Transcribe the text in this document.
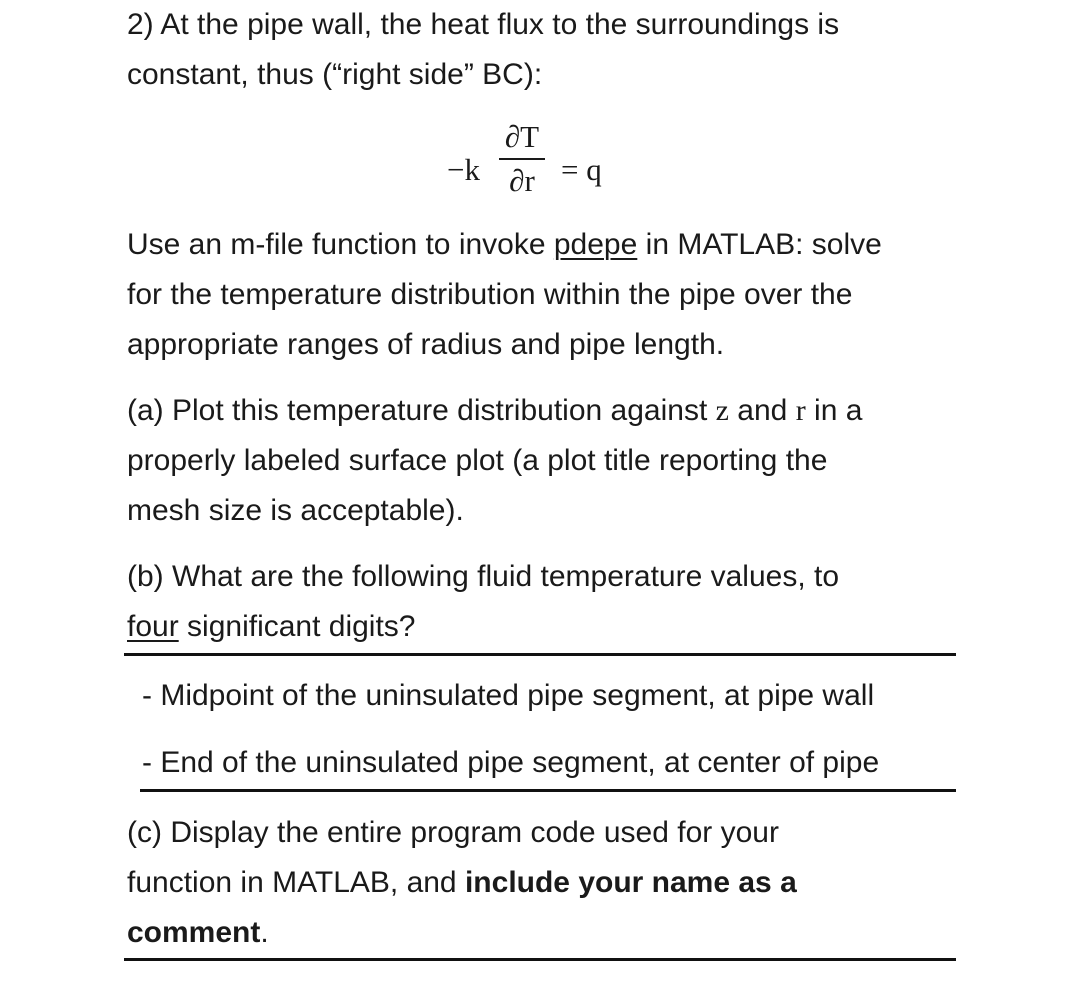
2) At the pipe wall, the heat flux to the surroundings is
constant, thus (“right side” BC):
−k
∂T
∂r = q
Use an m-file function to invoke pdepe in MATLAB: solve
for the temperature distribution within the pipe over the
appropriate ranges of radius and pipe length.
(a) Plot this temperature distribution against z and r in a
properly labeled surface plot (a plot title reporting the
mesh size is acceptable).
(b) What are the following fluid temperature values, to
four significant digits?
- Midpoint of the uninsulated pipe segment, at pipe wall
- End of the uninsulated pipe segment, at center of pipe
(c) Display the entire program code used for your
function in MATLAB, and include your name as a
comment.
